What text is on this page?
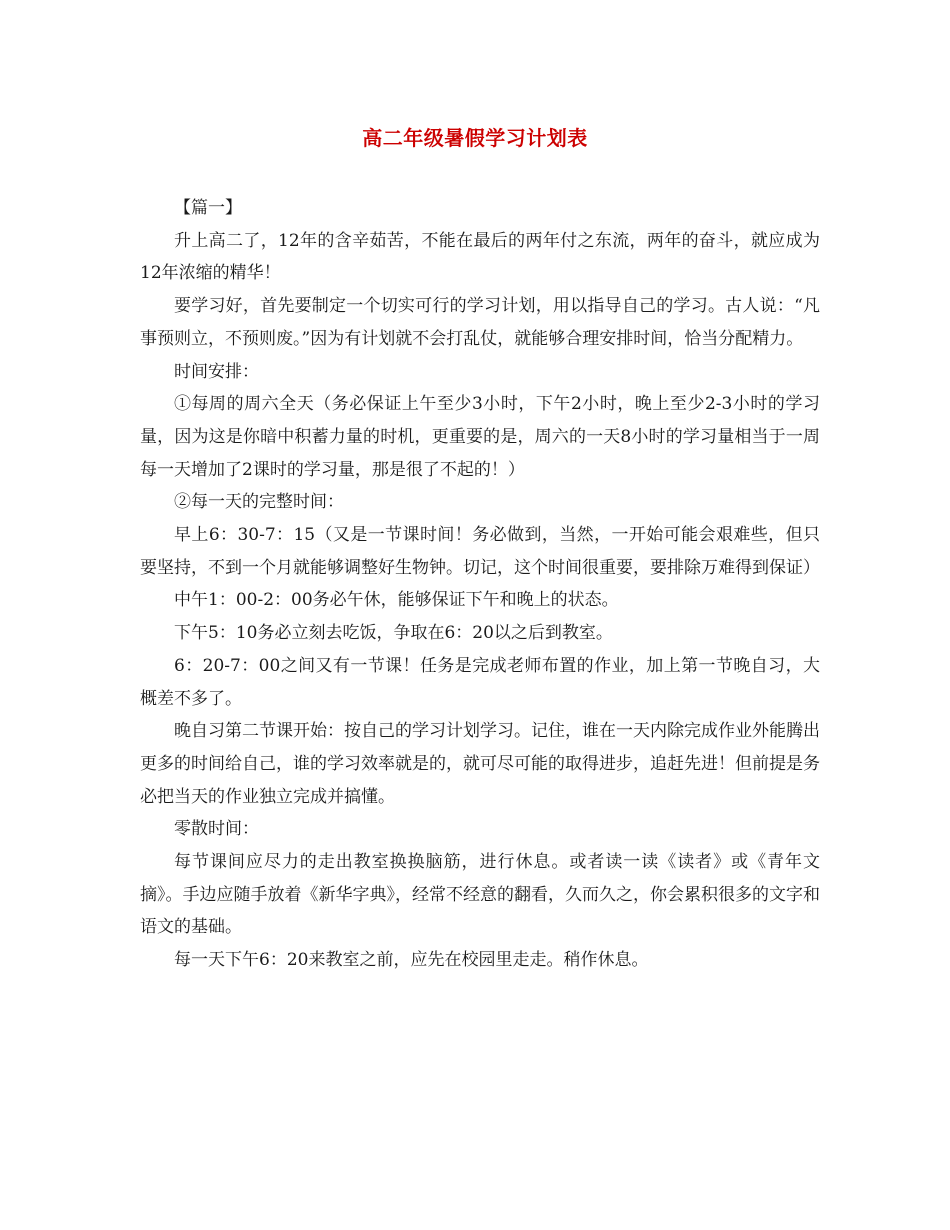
高二年级暑假学习计划表

【篇一】

升上高二了，12年的含辛茹苦，不能在最后的两年付之东流，两年的奋斗，就应成为12年浓缩的精华！

要学习好，首先要制定一个切实可行的学习计划，用以指导自己的学习。古人说：“凡事预则立，不预则废。”因为有计划就不会打乱仗，就能够合理安排时间，恰当分配精力。

时间安排：

①每周的周六全天（务必保证上午至少3小时，下午2小时，晚上至少2-3小时的学习量，因为这是你暗中积蓄力量的时机，更重要的是，周六的一天8小时的学习量相当于一周每一天增加了2课时的学习量，那是很了不起的！）

②每一天的完整时间：

早上6：30-7：15（又是一节课时间！务必做到，当然，一开始可能会艰难些，但只要坚持，不到一个月就能够调整好生物钟。切记，这个时间很重要，要排除万难得到保证）

中午1：00-2：00务必午休，能够保证下午和晚上的状态。

下午5：10务必立刻去吃饭，争取在6：20以之后到教室。

6：20-7：00之间又有一节课！任务是完成老师布置的作业，加上第一节晚自习，大概差不多了。

晚自习第二节课开始：按自己的学习计划学习。记住，谁在一天内除完成作业外能腾出更多的时间给自己，谁的学习效率就是的，就可尽可能的取得进步，追赶先进！但前提是务必把当天的作业独立完成并搞懂。

零散时间：

每节课间应尽力的走出教室换换脑筋，进行休息。或者读一读《读者》或《青年文摘》。手边应随手放着《新华字典》，经常不经意的翻看，久而久之，你会累积很多的文字和语文的基础。

每一天下午6：20来教室之前，应先在校园里走走。稍作休息。
